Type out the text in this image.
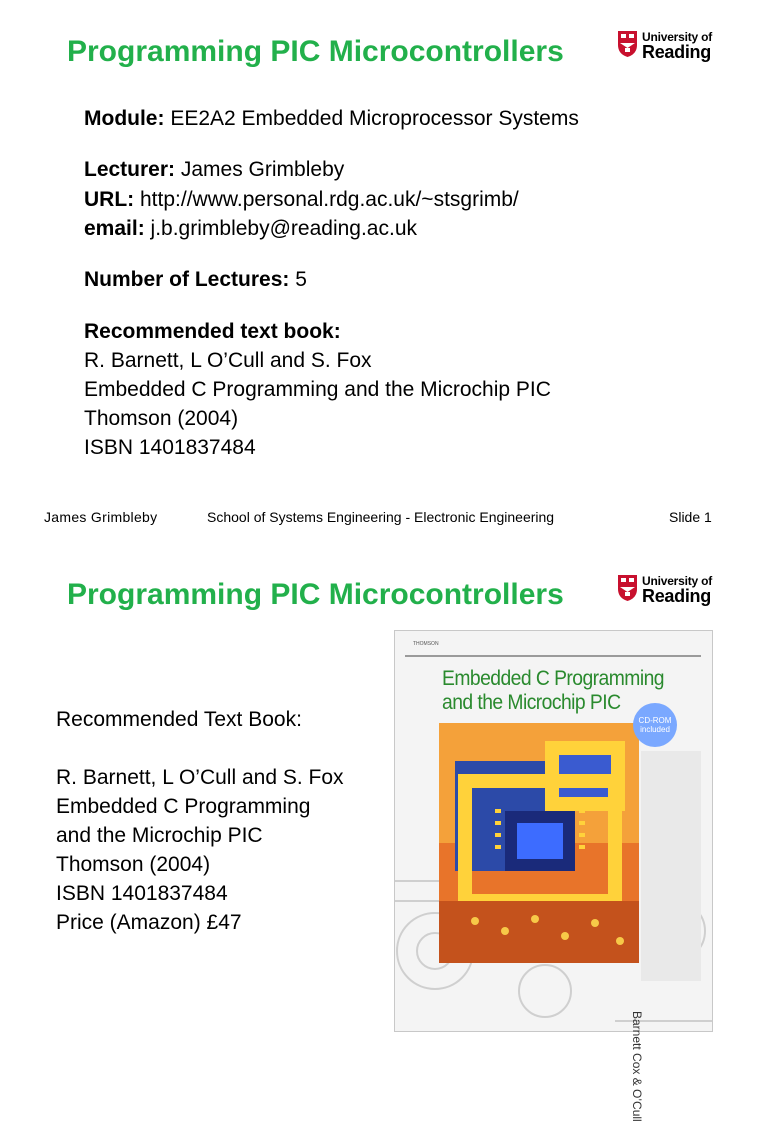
Programming PIC Microcontrollers	University of
Reading

Module: EE2A2 Embedded Microprocessor Systems

Lecturer: James Grimbleby

URL: http://www.personal.rdg.ac.uk/~stsgrimb/

email: j.b.grimbleby@reading.ac.uk

Number of Lectures: 5

Recommended text book:

R. Barnett, L O’Cull and S. Fox

Embedded C Programming and the Microchip PIC

Thomson (2004)

ISBN 1401837484

James Grimbleby	School of Systems Engineering - Electronic Engineering	Slide 1
Programming PIC Microcontrollers	University of
Reading

Recommended Text Book:

R. Barnett, L O’Cull and S. Fox

Embedded C Programming

and the Microchip PIC

Thomson (2004)

ISBN 1401837484

Price (Amazon) £47

THOMSON
Embedded C Programming
and the Microchip PIC
CD-ROM
included
Barnett Cox & O’Cull
